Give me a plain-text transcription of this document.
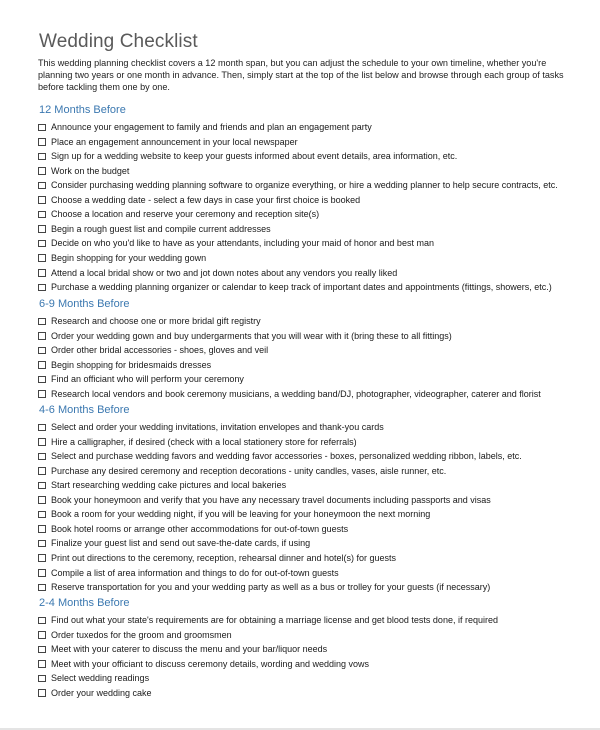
Wedding Checklist
This wedding planning checklist covers a 12 month span, but you can adjust the schedule to your own timeline, whether you're planning two years or one month in advance. Then, simply start at the top of the list below and browse through each group of tasks before tackling them one by one.
12 Months Before
Announce your engagement to family and friends and plan an engagement party
Place an engagement announcement in your local newspaper
Sign up for a wedding website to keep your guests informed about event details, area information, etc.
Work on the budget
Consider purchasing wedding planning software to organize everything, or hire a wedding planner to help secure contracts, etc.
Choose a wedding date - select a few days in case your first choice is booked
Choose a location and reserve your ceremony and reception site(s)
Begin a rough guest list and compile current addresses
Decide on who you'd like to have as your attendants, including your maid of honor and best man
Begin shopping for your wedding gown
Attend a local bridal show or two and jot down notes about any vendors you really liked
Purchase a wedding planning organizer or calendar to keep track of important dates and appointments (fittings, showers, etc.)
6-9 Months Before
Research and choose one or more bridal gift registry
Order your wedding gown and buy undergarments that you will wear with it (bring these to all fittings)
Order other bridal accessories - shoes, gloves and veil
Begin shopping for bridesmaids dresses
Find an officiant who will perform your ceremony
Research local vendors and book ceremony musicians, a wedding band/DJ, photographer, videographer, caterer and florist
4-6 Months Before
Select and order your wedding invitations, invitation envelopes and thank-you cards
Hire a calligrapher, if desired (check with a local stationery store for referrals)
Select and purchase wedding favors and wedding favor accessories - boxes, personalized wedding ribbon, labels, etc.
Purchase any desired ceremony and reception decorations - unity candles, vases, aisle runner, etc.
Start researching wedding cake pictures and local bakeries
Book your honeymoon and verify that you have any necessary travel documents including passports and visas
Book a room for your wedding night, if you will be leaving for your honeymoon the next morning
Book hotel rooms or arrange other accommodations for out-of-town guests
Finalize your guest list and send out save-the-date cards, if using
Print out directions to the ceremony, reception, rehearsal dinner and hotel(s) for guests
Compile a list of area information and things to do for out-of-town guests
Reserve transportation for you and your wedding party as well as a bus or trolley for your guests (if necessary)
2-4 Months Before
Find out what your state's requirements are for obtaining a marriage license and get blood tests done, if required
Order tuxedos for the groom and groomsmen
Meet with your caterer to discuss the menu and your bar/liquor needs
Meet with your officiant to discuss ceremony details, wording and wedding vows
Select wedding readings
Order your wedding cake
